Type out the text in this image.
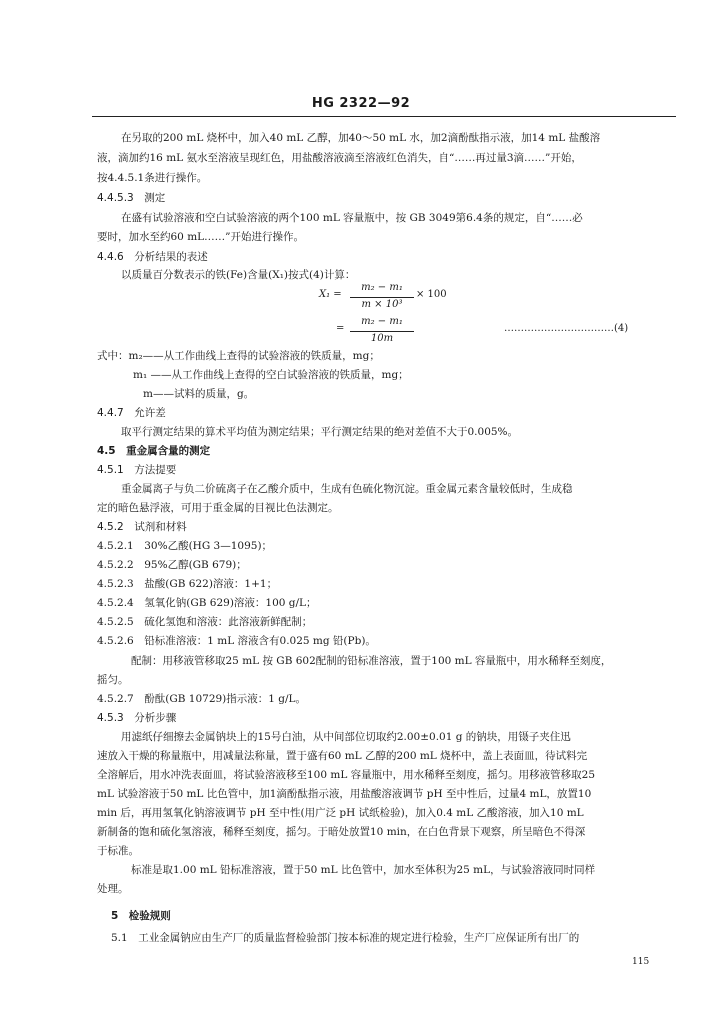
HG 2322—92
在另取的200 mL 烧杯中，加入40 mL 乙醇，加40～50 mL 水，加2滴酚酞指示液，加14 mL 盐酸溶
液，滴加约16 mL 氨水至溶液呈现红色，用盐酸溶液滴至溶液红色消失，自“……再过量3滴……”开始，
按4.4.5.1条进行操作。
4.4.5.3　测定
在盛有试验溶液和空白试验溶液的两个100 mL 容量瓶中，按 GB 3049第6.4条的规定，自“……必
要时，加水至约60 mL……”开始进行操作。
4.4.6　分析结果的表述
以质量百分数表示的铁(Fe)含量(X₁)按式(4)计算：
X₁ =
m₂ − m₁
m × 10³
× 100
=
m₂ − m₁
10m
……………………………(4)
式中：m₂——从工作曲线上查得的试验溶液的铁质量，mg；
m₁ ——从工作曲线上查得的空白试验溶液的铁质量，mg；
m——试料的质量，g。
4.4.7　允许差
取平行测定结果的算术平均值为测定结果；平行测定结果的绝对差值不大于0.005%。
4.5　重金属含量的测定
4.5.1　方法提要
重金属离子与负二价硫离子在乙酸介质中，生成有色硫化物沉淀。重金属元素含量较低时，生成稳
定的暗色悬浮液，可用于重金属的目视比色法测定。
4.5.2　试剂和材料
4.5.2.1　30%乙酸(HG 3—1095)；
4.5.2.2　95%乙醇(GB 679)；
4.5.2.3　盐酸(GB 622)溶液：1+1；
4.5.2.4　氢氧化钠(GB 629)溶液：100 g/L；
4.5.2.5　硫化氢饱和溶液：此溶液新鲜配制；
4.5.2.6　铅标准溶液：1 mL 溶液含有0.025 mg 铅(Pb)。
配制：用移液管移取25 mL 按 GB 602配制的铅标准溶液，置于100 mL 容量瓶中，用水稀释至刻度，
摇匀。
4.5.2.7　酚酞(GB 10729)指示液：1 g/L。
4.5.3　分析步骤
用滤纸仔细擦去金属钠块上的15号白油，从中间部位切取约2.00±0.01 g 的钠块，用镊子夹住迅
速放入干燥的称量瓶中，用减量法称量，置于盛有60 mL 乙醇的200 mL 烧杯中，盖上表面皿，待试料完
全溶解后，用水冲洗表面皿，将试验溶液移至100 mL 容量瓶中，用水稀释至刻度，摇匀。用移液管移取25
mL 试验溶液于50 mL 比色管中，加1滴酚酞指示液，用盐酸溶液调节 pH 至中性后，过量4 mL，放置10
min 后，再用氢氧化钠溶液调节 pH 至中性(用广泛 pH 试纸检验)，加入0.4 mL 乙酸溶液，加入10 mL
新制备的饱和硫化氢溶液，稀释至刻度，摇匀。于暗处放置10 min，在白色背景下观察，所呈暗色不得深
于标准。
标准是取1.00 mL 铅标准溶液，置于50 mL 比色管中，加水至体积为25 mL，与试验溶液同时同样
处理。
5　检验规则
5.1　工业金属钠应由生产厂的质量监督检验部门按本标准的规定进行检验，生产厂应保证所有出厂的
115
